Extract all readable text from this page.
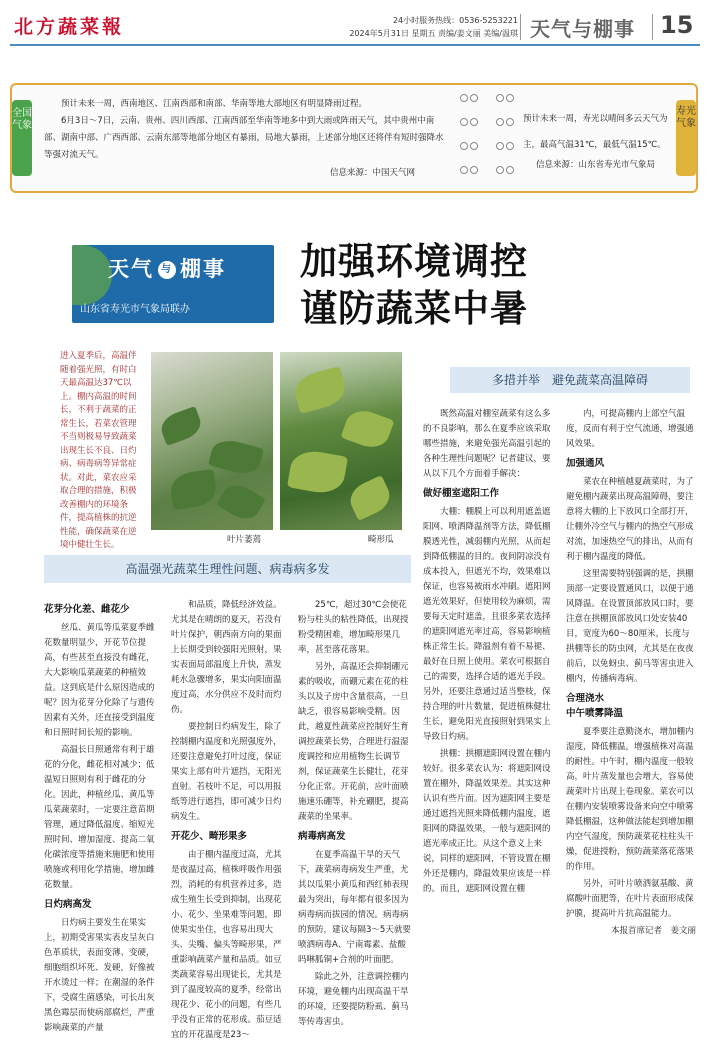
北方蔬菜報	24小时服务热线：0536-5253221
2024年5月31日 星期五 责编/姜文丽 美编/温琪 天气与棚事 15
全国气象

预计未来一周，西南地区、江南西部和南部、华南等地大部地区有明显降雨过程。

6月3日～7日，云南、贵州、四川西部、江南西部至华南等地多中到大雨或阵雨天气，其中贵州中南部、湖南中部、广西西部、云南东部等地部分地区有暴雨，局地大暴雨，上述部分地区还将伴有短时强降水等强对流天气。

信息来源：中国天气网
预计未来一周，寿光以晴间多云天气为主，最高气温31℃，最低气温15℃。
信息来源：山东省寿光市气象局
寿光气象
天气 与 棚事
山东省寿光市气象局联办
加强环境调控
谨防蔬菜中暑
进入夏季后，高温伴随着强光照，有时白天最高温达37℃以上。棚内高温的时间长，不利于蔬菜的正常生长，若菜农管理不当则极易导致蔬菜出现生长不良、日灼病、病毒病等异常症状。对此，菜农应采取合理的措施，积极改善棚内的环境条件，提高植株的抗逆性能，确保蔬菜在逆境中健壮生长。	叶片萎蔫	畸形瓜
高温强光蔬菜生理性问题、病毒病多发
多措并举　避免蔬菜高温障碍
花芽分化差、雌花少

丝瓜、黄瓜等瓜菜夏季雌花数量明显少，开花节位提高，有些甚至直接没有雌花，大大影响瓜菜蔬菜的种植效益。这到底是什么原因造成的呢？因为花芽分化除了与遗传因素有关外，还直接受到温度和日照时间长短的影响。

高温长日照通常有利于雄花的分化，雌花相对减少；低温短日照则有利于雌花的分化。因此，种植丝瓜、黄瓜等瓜菜蔬菜时，一定要注意苗期管理，通过降低温度、缩短光照时间、增加湿度、提高二氧化碳浓度等措施来施肥和使用喷施或利用化学措施，增加雌花数量。

日灼病高发

日灼病主要发生在果实上，初期受害果实表皮呈灰白色革质状，表面变薄、变硬，细胞组织坏死、发硬，好像被开水烫过一样；在潮湿的条件下，受腐生菌感染，可长出灰黑色霉层而使病部腐烂，严重影响蔬菜的产量

和品质，降低经济效益。尤其是在晴朗的夏天，若没有叶片保护，朝西南方向的果面上长期受到较强阳光照射，果实表面局部温度上升快，蒸发耗水急骤增多，果实向阳面温度过高，水分供应不及时而灼伤。

要控制日灼病发生，除了控制棚内温度和光照强度外，还要注意避免打叶过度，保证果实上部有叶片遮挡，无阳光直射。若枝叶不足，可以用报纸等进行遮挡，即可减少日灼病发生。

开花少、畸形果多

由于棚内温度过高，尤其是夜温过高，植株呼吸作用强烈，消耗的有机营养过多，造成生殖生长受到抑制，出现花小、花少、坐果难等问题，即使果实坐住，也容易出现大头、尖嘴、偏头等畸形果，严重影响蔬菜产量和品质。如豆类蔬菜容易出现徒长，尤其是到了温度较高的夏季，经常出现花少、花小的问题，有些几乎没有正常的花形成。茄豆适宜的开花温度是23～

25℃，超过30℃会使花粉与柱头的粘性降低，出现授粉受精困难，增加畸形果几率，甚至落花落果。

另外，高温还会抑制硼元素的吸收，而硼元素在花的柱头以及子房中含量很高，一旦缺乏，很容易影响受精。因此，越夏性蔬菜应控制好生育调控蔬菜长势，合理进行温湿度调控和应用植物生长调节剂，保证蔬菜生长健壮，花芽分化正常。开花前，应叶面喷施速乐硼等，补充硼肥，提高蔬菜的坐果率。

病毒病高发

在夏季高温干旱的天气下，蔬菜病毒病发生严重，尤其以瓜果小黄瓜和西红柿表现最为突出，每年都有很多因为病毒病而拔园的情况。病毒病的预防，建议每隔3～5天就要喷洒病毒A、宁南霉素、盐酸吗啉胍铜+合剂的叶面肥。

除此之外，注意调控棚内环境，避免棚内出现高温干旱的环境，还要提防粉虱、蓟马等传毒害虫。

既然高温对棚室蔬菜有这么多的不良影响，那么在夏季应该采取哪些措施，来避免强光高温引起的各种生理性问题呢？记者建议，要从以下几个方面着手解决：

做好棚室遮阳工作

大棚：棚膜上可以利用遮盖遮阳网、喷洒降温剂等方法，降低棚膜透光性，减弱棚内光照，从而起到降低棚温的目的。夜间阴凉没有成本投入，但遮光不均，效果难以保证，也容易被雨水冲刷。遮阳网遮光效果好，但使用较为麻烦，需要每天定时遮盖，且很多菜农选择的遮阳网遮光率过高，容易影响植株正常生长。降温剂有着不易褪、最好在日照上使用。菜农可根据自己的需要，选择合适的遮光手段。另外，还要注意通过适当整枝，保持合理的叶片数量，促进植株健壮生长，避免阳光直接照射到果实上导致日灼病。

拱棚：拱棚遮阳网设置在棚内较好。很多菜农认为：将遮阳网设置在棚外，降温效果差。其实这种认识有些片面。因为遮阳网主要是通过遮挡光照来降低棚内温度，遮阳网的降温效果，一般与遮阳网的遮光率成正比。从这个意义上来说，同样的遮阳网，不管设置在棚外还是棚内，降温效果应该是一样的。而且，遮阳网设置在棚

内，可提高棚内上部空气温度，反而有利于空气流通，增强通风效果。

加强通风

菜农在种植越夏蔬菜时，为了避免棚内蔬菜出现高温障碍，要注意将大棚的上下放风口全部打开，让棚外冷空气与棚内的热空气形成对流，加速热空气的排出，从而有利于棚内温度的降低。

这里需要特别强调的是，拱棚顶部一定要设置通风口，以便于通风降温。在设置顶部放风口时，要注意在拱棚顶部放风口处安装40目，宽度为60～80厘米，长度与拱棚等长的防虫网，尤其是在夜夜前后，以免蚜虫、蓟马等害虫进入棚内，传播病毒病。

合理浇水
中午喷雾降温

夏季要注意勤浇水，增加棚内湿度，降低棚温，增强植株对高温的耐性。中午时，棚内温度一般较高，叶片蒸发量也会增大，容易使蔬菜叶片出现上卷现象。菜农可以在棚内安装喷雾设备来向空中喷雾降低棚温，这种做法能起到增加棚内空气湿度，预防蔬菜花柱柱头干燥，促进授粉，预防蔬菜落花落果的作用。

另外，可叶片喷洒氨基酸、黄腐酸叶面肥等，在叶片表面形成保护膜，提高叶片抗高温能力。

本报首席记者　姜文丽
